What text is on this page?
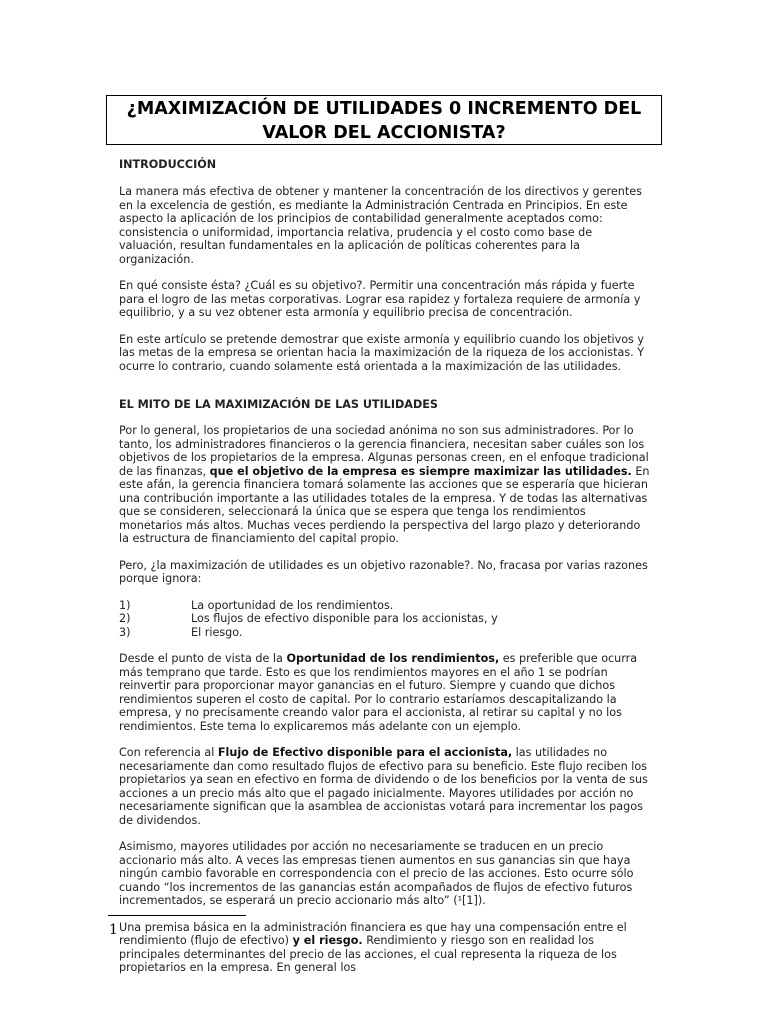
¿MAXIMIZACIÓN DE UTILIDADES 0 INCREMENTO DEL
VALOR DEL ACCIONISTA?
INTRODUCCIÓN

La manera más efectiva de obtener y mantener la concentración de los directivos y gerentes en la excelencia de gestión, es mediante la Administración Centrada en Principios. En este aspecto la aplicación de los principios de contabilidad generalmente aceptados como: consistencia o uniformidad, importancia relativa, prudencia y el costo como base de valuación, resultan fundamentales en la aplicación de políticas coherentes para la organización.

En qué consiste ésta? ¿Cuál es su objetivo?. Permitir una concentración más rápida y fuerte para el logro de las metas corporativas. Lograr esa rapidez y fortaleza requiere de armonía y equilibrio, y a su vez obtener esta armonía y equilibrio precisa de concentración.

En este artículo se pretende demostrar que existe armonía y equilibrio cuando los objetivos y las metas de la empresa se orientan hacia la maximización de la riqueza de los accionistas. Y ocurre lo contrario, cuando solamente está orientada a la maximización de las utilidades.

EL MITO DE LA MAXIMIZACIÓN DE LAS UTILIDADES

Por lo general, los propietarios de una sociedad anónima no son sus administradores. Por lo tanto, los administradores financieros o la gerencia financiera, necesitan saber cuáles son los objetivos de los propietarios de la empresa. Algunas personas creen, en el enfoque tradicional de las finanzas, que el objetivo de la empresa es siempre maximizar las utilidades. En este afán, la gerencia financiera tomará solamente las acciones que se esperaría que hicieran una contribución importante a las utilidades totales de la empresa. Y de todas las alternativas que se consideren, seleccionará la única que se espera que tenga los rendimientos monetarios más altos. Muchas veces perdiendo la perspectiva del largo plazo y deteriorando la estructura de financiamiento del capital propio.

Pero, ¿la maximización de utilidades es un objetivo razonable?. No, fracasa por varias razones porque ignora:

1)	La oportunidad de los rendimientos.
2)	Los flujos de efectivo disponible para los accionistas, y
3)	El riesgo.

Desde el punto de vista de la Oportunidad de los rendimientos, es preferible que ocurra más temprano que tarde. Esto es que los rendimientos mayores en el año 1 se podrían reinvertir para proporcionar mayor ganancias en el futuro. Siempre y cuando que dichos rendimientos superen el costo de capital. Por lo contrario estaríamos descapitalizando la empresa, y no precisamente creando valor para el accionista, al retirar su capital y no los rendimientos. Este tema lo explicaremos más adelante con un ejemplo.

Con referencia al Flujo de Efectivo disponible para el accionista, las utilidades no necesariamente dan como resultado flujos de efectivo para su beneficio. Este flujo reciben los propietarios ya sean en efectivo en forma de dividendo o de los beneficios por la venta de sus acciones a un precio más alto que el pagado inicialmente. Mayores utilidades por acción no necesariamente significan que la asamblea de accionistas votará para incrementar los pagos de dividendos.

Asimismo, mayores utilidades por acción no necesariamente se traducen en un precio accionario más alto. A veces las empresas tienen aumentos en sus ganancias sin que haya ningún cambio favorable en correspondencia con el precio de las acciones. Esto ocurre sólo cuando “los incrementos de las ganancias están acompañados de flujos de efectivo futuros incrementados, se esperará un precio accionario más alto” (¹[1]).

Una premisa básica en la administración financiera es que hay una compensación entre el rendimiento (flujo de efectivo) y el riesgo. Rendimiento y riesgo son en realidad los principales determinantes del precio de las acciones, el cual representa la riqueza de los propietarios en la empresa. En general los

1
